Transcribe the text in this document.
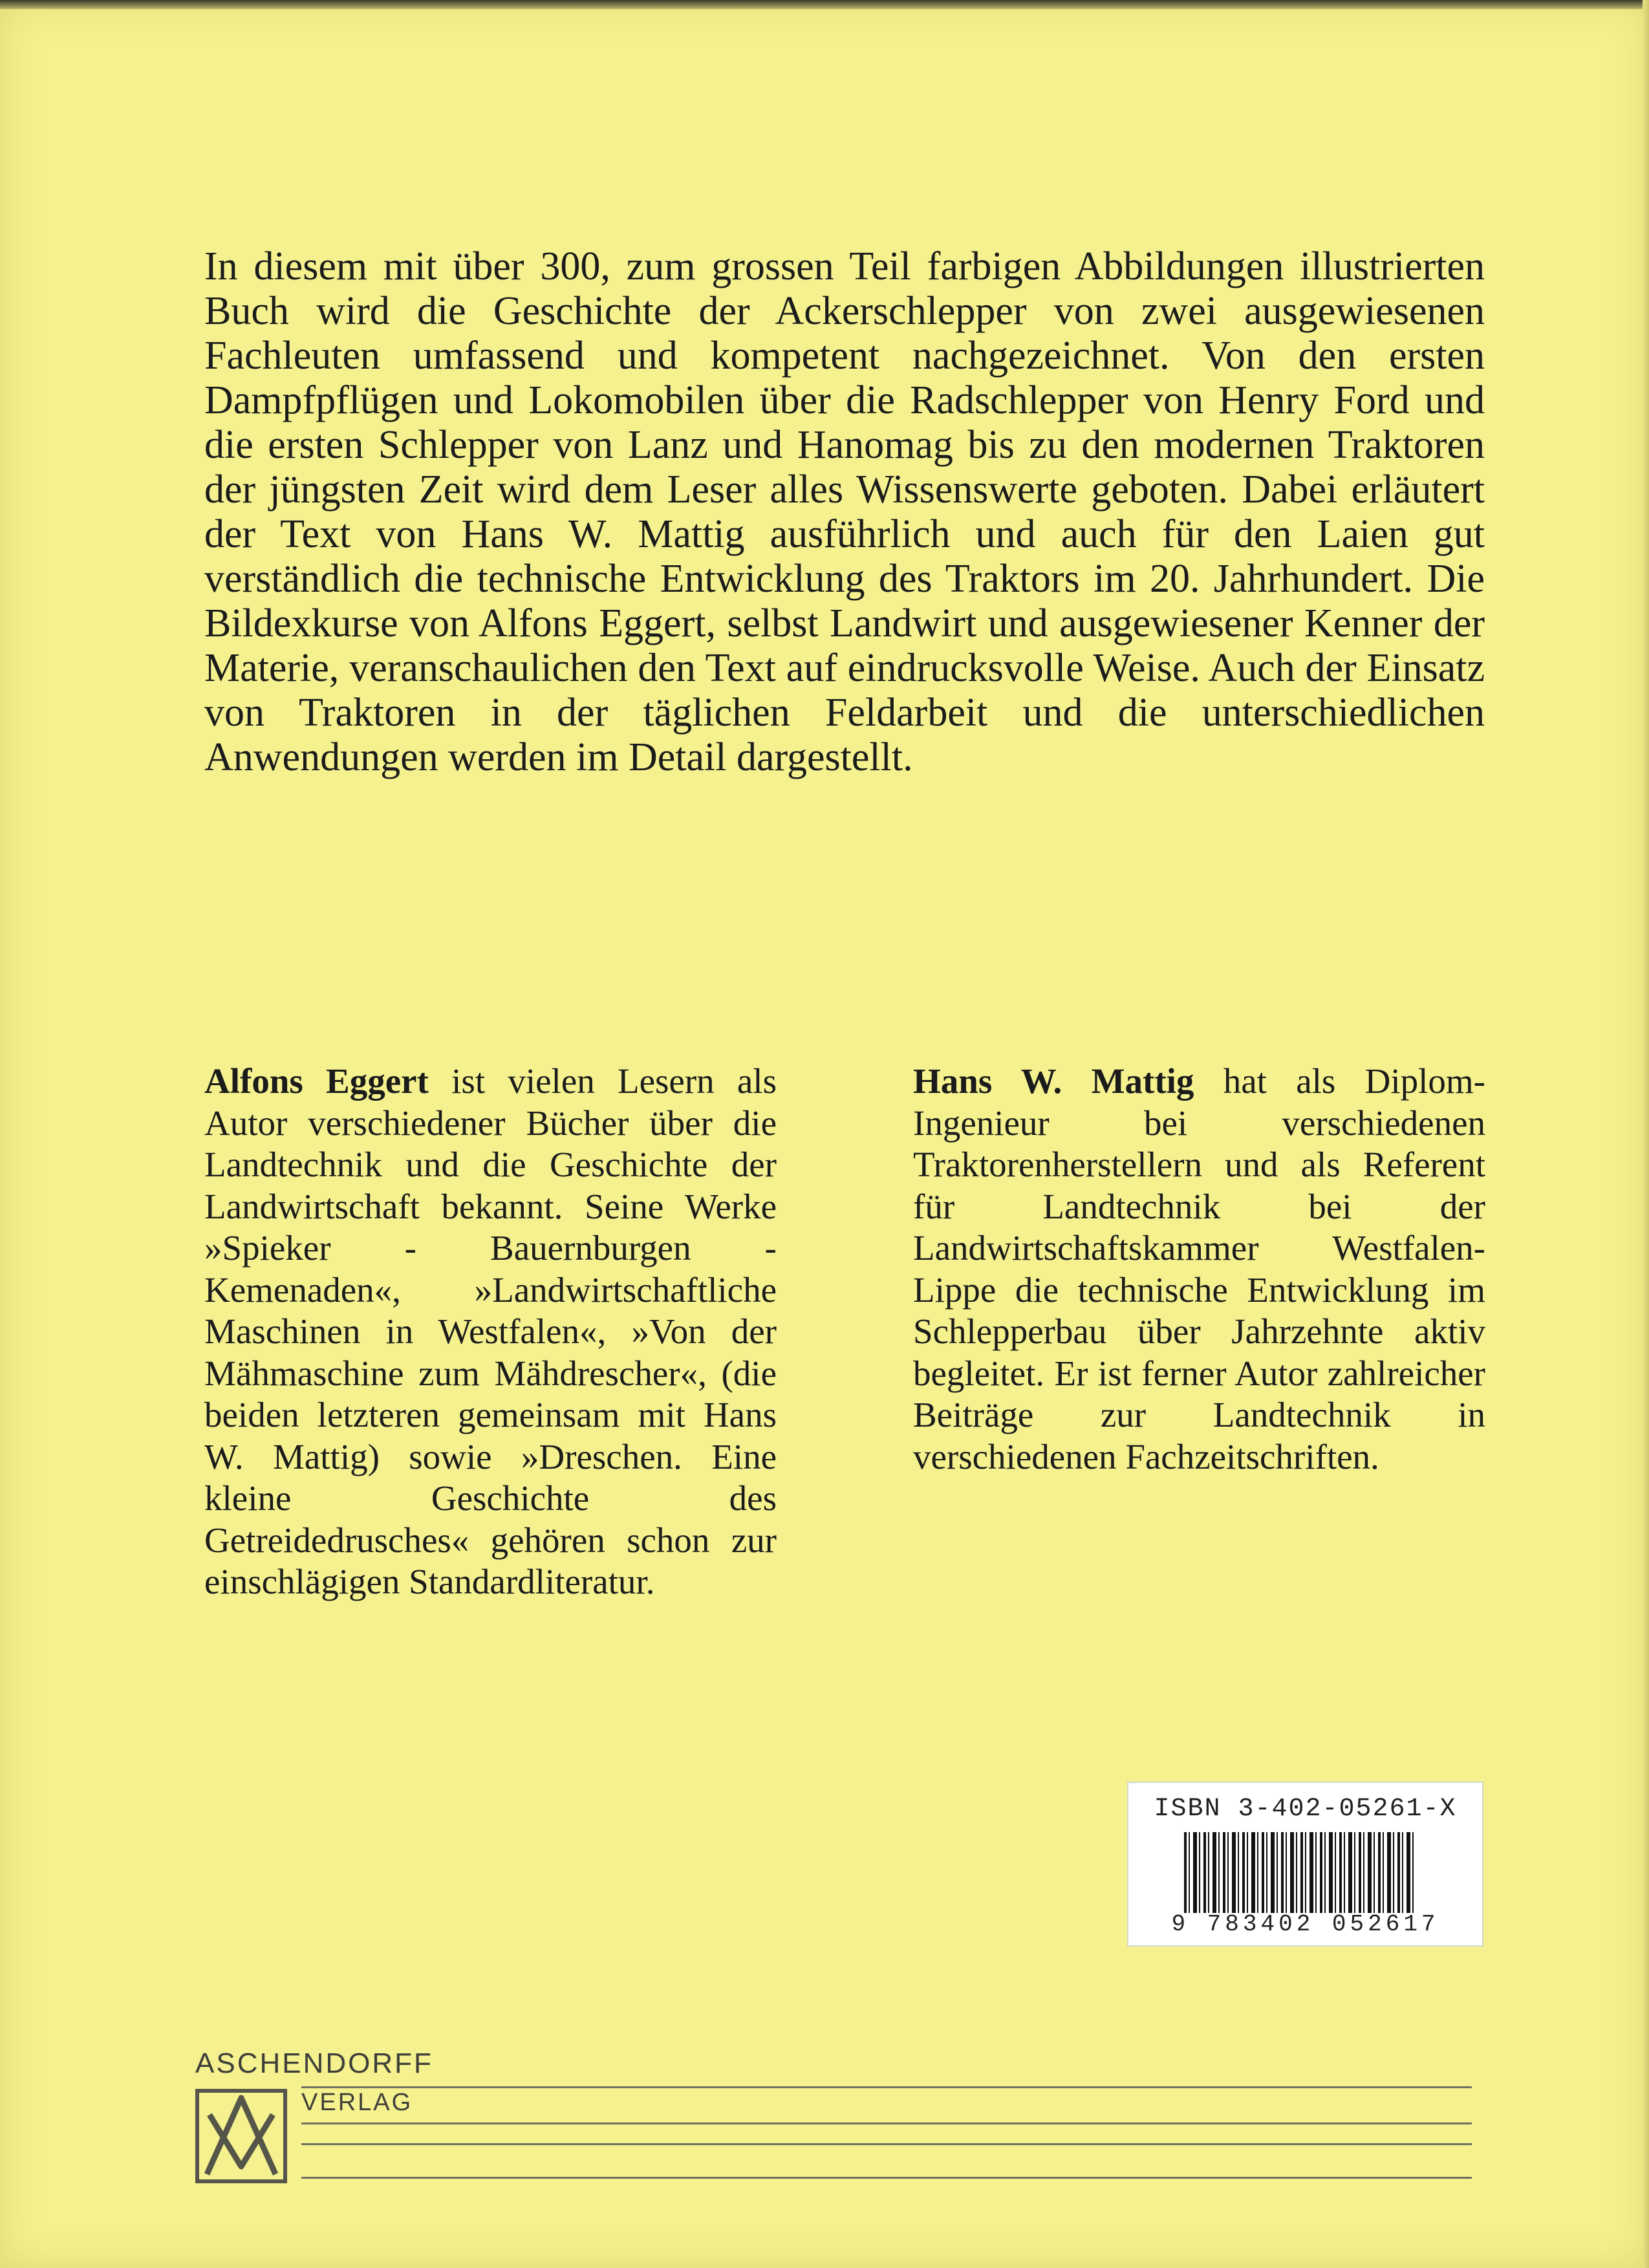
In diesem mit über 300, zum grossen Teil farbigen Abbildungen illustrierten Buch wird die Geschichte der Ackerschlepper von zwei ausgewiesenen Fachleuten umfassend und kompetent nachgezeichnet. Von den ersten Dampfpflügen und Lokomobilen über die Radschlepper von Henry Ford und die ersten Schlepper von Lanz und Hanomag bis zu den modernen Traktoren der jüngsten Zeit wird dem Leser alles Wissenswerte geboten. Dabei erläutert der Text von Hans W. Mattig ausführlich und auch für den Laien gut verständlich die technische Entwicklung des Traktors im 20. Jahrhundert. Die Bildexkurse von Alfons Eggert, selbst Landwirt und ausgewiesener Kenner der Materie, veranschaulichen den Text auf eindrucksvolle Weise. Auch der Einsatz von Traktoren in der täglichen Feldarbeit und die unterschiedlichen Anwendungen werden im Detail dargestellt.

Alfons Eggert ist vielen Lesern als Autor verschiedener Bücher über die Landtechnik und die Geschichte der Landwirtschaft bekannt. Seine Werke »Spieker - Bauernburgen - Kemenaden«, »Landwirtschaftliche Maschinen in Westfalen«, »Von der Mähmaschine zum Mähdrescher«, (die beiden letzteren gemeinsam mit Hans W. Mattig) sowie »Dreschen. Eine kleine Geschichte des Getreidedrusches« gehören schon zur einschlägigen Standardliteratur.

Hans W. Mattig hat als Diplom-Ingenieur bei verschiedenen Traktorenherstellern und als Referent für Landtechnik bei der Landwirtschaftskammer Westfalen-Lippe die technische Entwicklung im Schlepperbau über Jahrzehnte aktiv begleitet. Er ist ferner Autor zahlreicher Beiträge zur Landtechnik in verschiedenen Fachzeitschriften.

ISBN 3-402-05261-X
9 783402 052617
ASCHENDORFF
VERLAG
